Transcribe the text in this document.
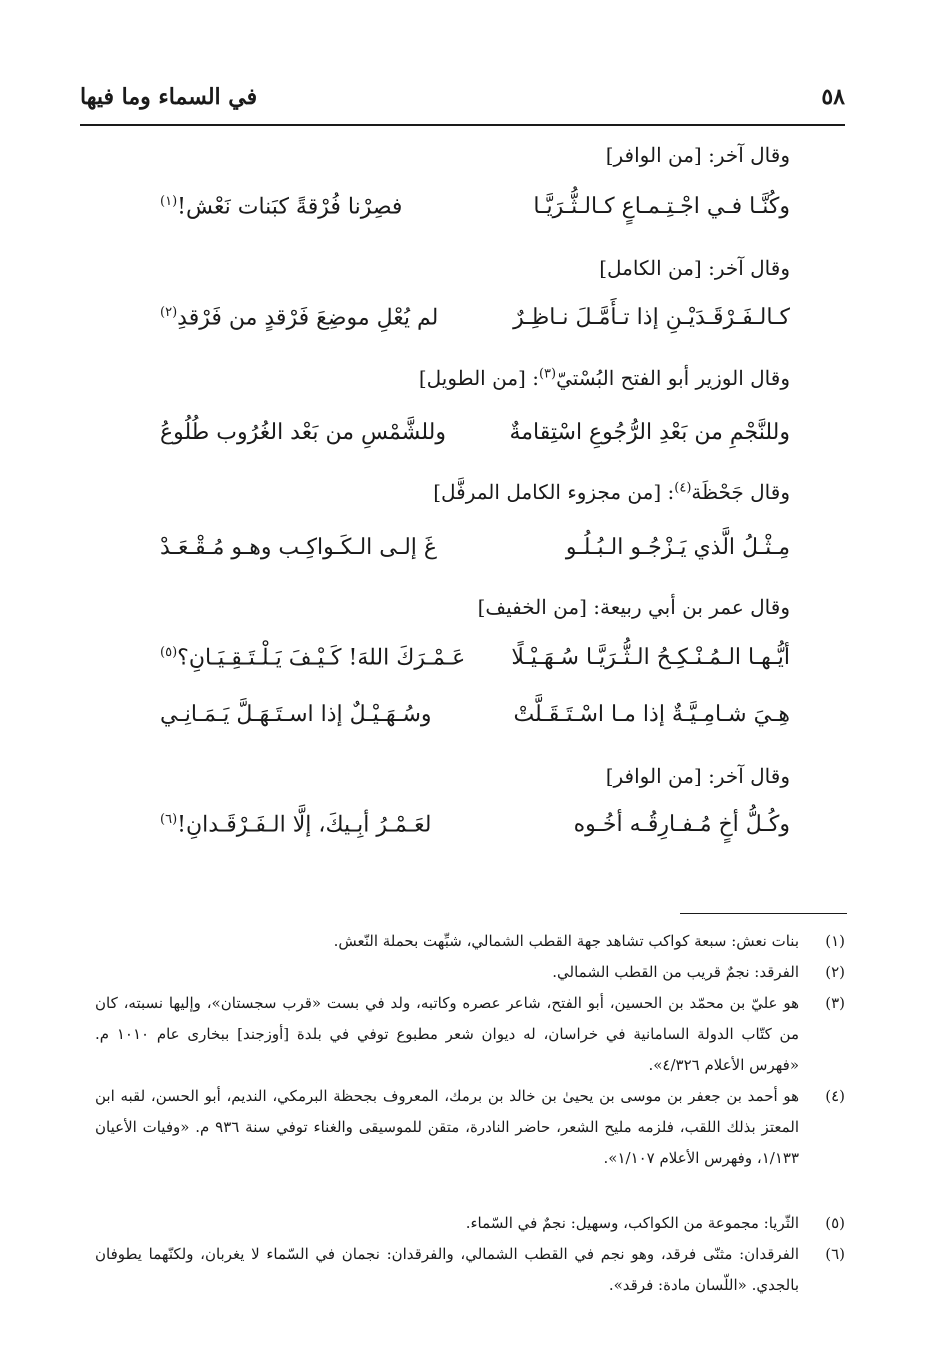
٥٨
في السماء وما فيها
وقال آخر: [من الوافر]
وكُنَّـا فـي اجْـتِـمـاعٍ كـالـثُّـرَيَّـا
فصِرْنا فُرْقةً كبَنات نَعْش!$^{(١)}$
وقال آخر: [من الكامل]
كـالـفَـرْقَـدَيْـنِ إذا تـأَمَّـلَ نـاظِـرٌ
لم يُعْلِ موضِعَ فَرْقدٍ من فَرْقدِ$^{(٢)}$
وقال الوزير أبو الفتح البُسْتيّ$^{(٣)}$: [من الطويل]
وللنَّجْمِ من بَعْدِ الرُّجُوعِ اسْتِقامةٌ
وللشَّمْسِ من بَعْد الغُرُوب طُلُوعُ
وقال جَحْظَة$^{(٤)}$: [من مجزوء الكامل المرفَّل]
مِـثْـلُ الَّذي يَـزْجُـو الـبُـلُـو
غَ إلـى الـكَـواكِـب وهـو مُـقْـعَـدْ
وقال عمر بن أبي ربيعة: [من الخفيف]
أيُّـهـا الـمُـنْـكِـحُ الـثُّـرَيَّـا سُـهَـيْـلًا
عَـمْـرَكَ اللهَ! كَـيْـفَ يَـلْـتَـقِـيَـانِ؟$^{(٥)}$
هِـيَ شـامِـيَّـةٌ إذا مـا اسْـتَـقَـلَّتْ
وسُـهَـيْـلٌ إذا اسـتَـهَـلَّ يَـمَـانِـي
وقال آخر: [من الوافر]
وكُـلُّ أخٍ مُـفـارِقُـه أخُـوه
لعَـمْـرُ أبِـيكَ، إلَّا الـفَـرْقَـدانِ!$^{(٦)}$
(١)
بنات نعش: سبعة كواكب تشاهد جهة القطب الشمالي، شبِّهت بحملة النّعش.
(٢)
الفرقد: نجمٌ قريب من القطب الشمالي.
(٣)
هو عليّ بن محمّد بن الحسين، أبو الفتح، شاعر عصره وكاتبه، ولد في بست «قرب سجستان»، وإليها نسبته، كان من كتّاب الدولة السامانية في خراسان، له ديوان شعر مطبوع توفي في بلدة [أوزجند] ببخارى عام ١٠١٠ م. «فهرس الأعلام ٤/٣٢٦».
(٤)
هو أحمد بن جعفر بن موسى بن يحيىٰ بن خالد بن برمك، المعروف بجحظة البرمكي، النديم، أبو الحسن، لقبه ابن المعتز بذلك اللقب، فلزمه مليح الشعر، حاضر النادرة، متقن للموسيقى والغناء توفي سنة ٩٣٦ م. «وفيات الأعيان ١/١٣٣، وفهرس الأعلام ١/١٠٧».
(٥)
الثّريا: مجموعة من الكواكب، وسهيل: نجمٌ في السّماء.
(٦)
الفرقدان: مثنّى فرقد، وهو نجم في القطب الشمالي، والفرقدان: نجمان في السّماء لا يغربان، ولكنّهما يطوفان بالجدي. «اللّسان مادة: فرقد».
